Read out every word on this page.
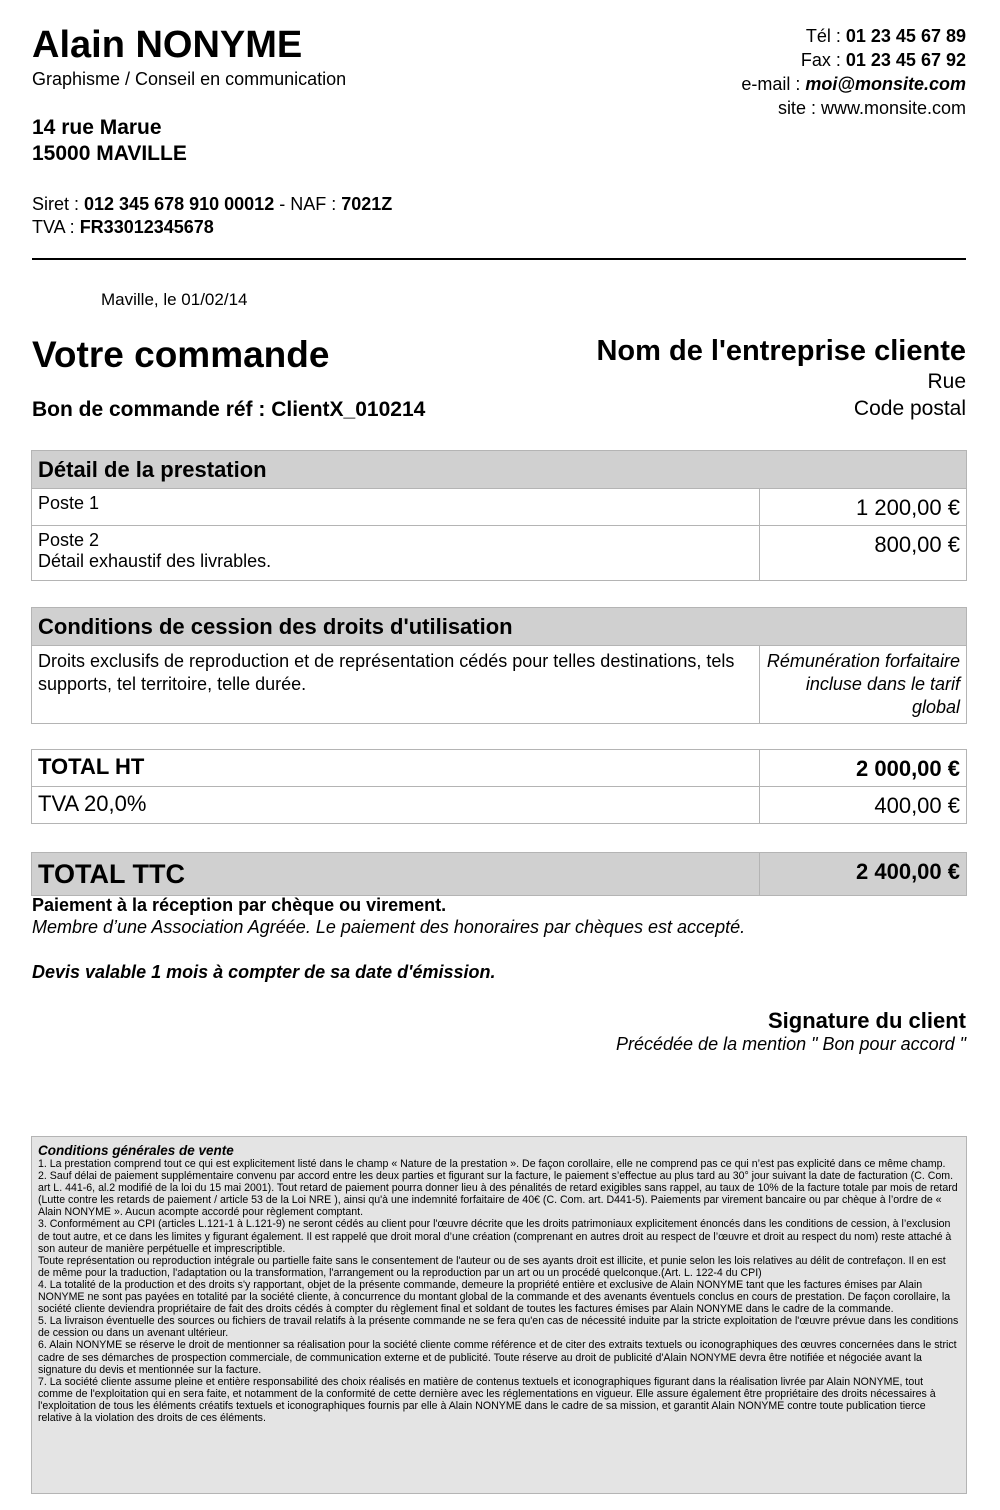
Alain NONYME
Graphisme / Conseil en communication
Tél : 01 23 45 67 89
Fax : 01 23 45 67 92
e-mail : moi@monsite.com
site : www.monsite.com
14 rue Marue
15000 MAVILLE
Siret : 012 345 678 910 00012 - NAF : 7021Z
TVA : FR33012345678
Maville, le 01/02/14
Votre commande
Bon de commande réf : ClientX_010214
Nom de l'entreprise cliente
Rue
Code postal
Détail de la prestation	

Poste 1	1 200,00 €

Poste 2
Détail exhaustif des livrables.	800,00 €
Conditions de cession des droits d'utilisation
Droits exclusifs de reproduction et de représentation cédés pour telles destinations, tels supports, tel territoire, telle durée.	Rémunération forfaitaire incluse dans le tarif global
TOTAL HT	2 000,00 €
TVA 20,0%	400,00 €
TOTAL TTC	2 400,00 €
Paiement à la réception par chèque ou virement.
Membre d’une Association Agréée. Le paiement des honoraires par chèques est accepté.
Devis valable 1 mois à compter de sa date d'émission.
Signature du client
Précédée de la mention " Bon pour accord "
Conditions générales de vente

1. La prestation comprend tout ce qui est explicitement listé dans le champ « Nature de la prestation ». De façon corollaire, elle ne comprend pas ce qui n’est pas explicité dans ce même champ.

2. Sauf délai de paiement supplémentaire convenu par accord entre les deux parties et figurant sur la facture, le paiement s’effectue au plus tard au 30° jour suivant la date de facturation (C. Com. art L. 441-6, al.2 modifié de la loi du 15 mai 2001). Tout retard de paiement pourra donner lieu à des pénalités de retard exigibles sans rappel, au taux de 10% de la facture totale par mois de retard (Lutte contre les retards de paiement / article 53 de la Loi NRE ), ainsi qu'à une indemnité forfaitaire de 40€ (C. Com. art. D441-5). Paiements par virement bancaire ou par chèque à l’ordre de « Alain NONYME ». Aucun acompte accordé pour règlement comptant.

3. Conformément au CPI (articles L.121-1 à L.121-9) ne seront cédés au client pour l'œuvre décrite que les droits patrimoniaux explicitement énoncés dans les conditions de cession, à l’exclusion de tout autre, et ce dans les limites y figurant également. Il est rappelé que droit moral d’une création (comprenant en autres droit au respect de l’œuvre et droit au respect du nom) reste attaché à son auteur de manière perpétuelle et imprescriptible.

Toute représentation ou reproduction intégrale ou partielle faite sans le consentement de l'auteur ou de ses ayants droit est illicite, et punie selon les lois relatives au délit de contrefaçon. Il en est de même pour la traduction, l'adaptation ou la transformation, l'arrangement ou la reproduction par un art ou un procédé quelconque.(Art. L. 122-4 du CPI)

4. La totalité de la production et des droits s'y rapportant, objet de la présente commande, demeure la propriété entière et exclusive de Alain NONYME tant que les factures émises par Alain NONYME ne sont pas payées en totalité par la société cliente, à concurrence du montant global de la commande et des avenants éventuels conclus en cours de prestation. De façon corollaire, la société cliente deviendra propriétaire de fait des droits cédés à compter du règlement final et soldant de toutes les factures émises par Alain NONYME dans le cadre de la commande.

5. La livraison éventuelle des sources ou fichiers de travail relatifs à la présente commande ne se fera qu'en cas de nécessité induite par la stricte exploitation de l'œuvre prévue dans les conditions de cession ou dans un avenant ultérieur.

6. Alain NONYME se réserve le droit de mentionner sa réalisation pour la société cliente comme référence et de citer des extraits textuels ou iconographiques des œuvres concernées dans le strict cadre de ses démarches de prospection commerciale, de communication externe et de publicité. Toute réserve au droit de publicité d'Alain NONYME devra être notifiée et négociée avant la signature du devis et mentionnée sur la facture.

7. La société cliente assume pleine et entière responsabilité des choix réalisés en matière de contenus textuels et iconographiques figurant dans la réalisation livrée par Alain NONYME, tout comme de l'exploitation qui en sera faite, et notamment de la conformité de cette dernière avec les réglementations en vigueur. Elle assure également être propriétaire des droits nécessaires à l'exploitation de tous les éléments créatifs textuels et iconographiques fournis par elle à Alain NONYME dans le cadre de sa mission, et garantit Alain NONYME contre toute publication tierce relative à la violation des droits de ces éléments.
